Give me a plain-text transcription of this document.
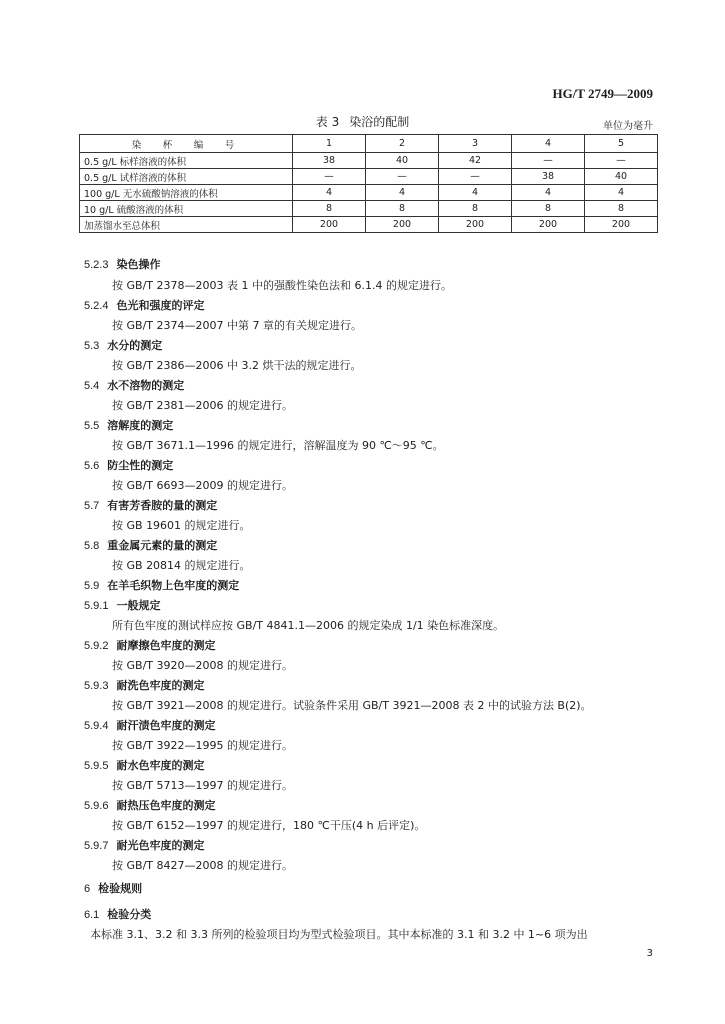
HG/T 2749—2009
表 3 染浴的配制	单位为毫升
染　杯　编　号	1	2	3	4	5
0.5 g/L 标样溶液的体积	38	40	42	—	—
0.5 g/L 试样溶液的体积	—	—	—	38	40
100 g/L 无水硫酸钠溶液的体积	4	4	4	4	4
10 g/L 硫酸溶液的体积	8	8	8	8	8
加蒸馏水至总体积	200	200	200	200	200
5.2.3 染色操作
按 GB/T 2378—2003 表 1 中的强酸性染色法和 6.1.4 的规定进行。
5.2.4 色光和强度的评定
按 GB/T 2374—2007 中第 7 章的有关规定进行。
5.3 水分的测定
按 GB/T 2386—2006 中 3.2 烘干法的规定进行。
5.4 水不溶物的测定
按 GB/T 2381—2006 的规定进行。
5.5 溶解度的测定
按 GB/T 3671.1—1996 的规定进行，溶解温度为 90 ℃～95 ℃。
5.6 防尘性的测定
按 GB/T 6693—2009 的规定进行。
5.7 有害芳香胺的量的测定
按 GB 19601 的规定进行。
5.8 重金属元素的量的测定
按 GB 20814 的规定进行。
5.9 在羊毛织物上色牢度的测定
5.9.1 一般规定
所有色牢度的测试样应按 GB/T 4841.1—2006 的规定染成 1/1 染色标准深度。
5.9.2 耐摩擦色牢度的测定
按 GB/T 3920—2008 的规定进行。
5.9.3 耐洗色牢度的测定
按 GB/T 3921—2008 的规定进行。试验条件采用 GB/T 3921—2008 表 2 中的试验方法 B(2)。
5.9.4 耐汗渍色牢度的测定
按 GB/T 3922—1995 的规定进行。
5.9.5 耐水色牢度的测定
按 GB/T 5713—1997 的规定进行。
5.9.6 耐热压色牢度的测定
按 GB/T 6152—1997 的规定进行，180 ℃干压(4 h 后评定)。
5.9.7 耐光色牢度的测定
按 GB/T 8427—2008 的规定进行。
6 检验规则
6.1 检验分类
本标准 3.1、3.2 和 3.3 所列的检验项目均为型式检验项目。其中本标准的 3.1 和 3.2 中 1~6 项为出
3
